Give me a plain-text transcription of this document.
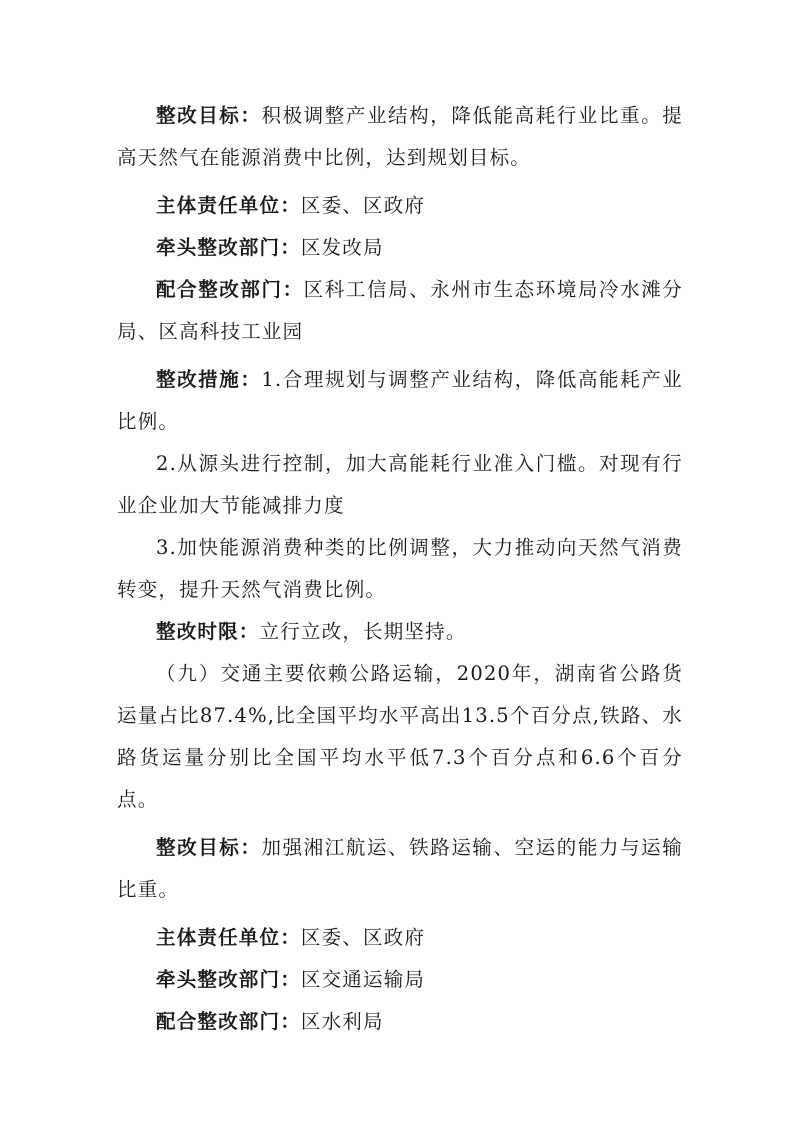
整改目标：积极调整产业结构，降低能高耗行业比重。提高天然气在能源消费中比例，达到规划目标。

主体责任单位：区委、区政府

牵头整改部门：区发改局

配合整改部门：区科工信局、永州市生态环境局冷水滩分局、区高科技工业园

整改措施：1.合理规划与调整产业结构，降低高能耗产业比例。

2.从源头进行控制，加大高能耗行业准入门槛。对现有行业企业加大节能减排力度

3.加快能源消费种类的比例调整，大力推动向天然气消费转变，提升天然气消费比例。

整改时限：立行立改，长期坚持。

（九）交通主要依赖公路运输，2020年，湖南省公路货运量占比87.4%,比全国平均水平高出13.5个百分点,铁路、水路货运量分别比全国平均水平低7.3个百分点和6.6个百分点。

整改目标：加强湘江航运、铁路运输、空运的能力与运输比重。

主体责任单位：区委、区政府

牵头整改部门：区交通运输局

配合整改部门：区水利局
